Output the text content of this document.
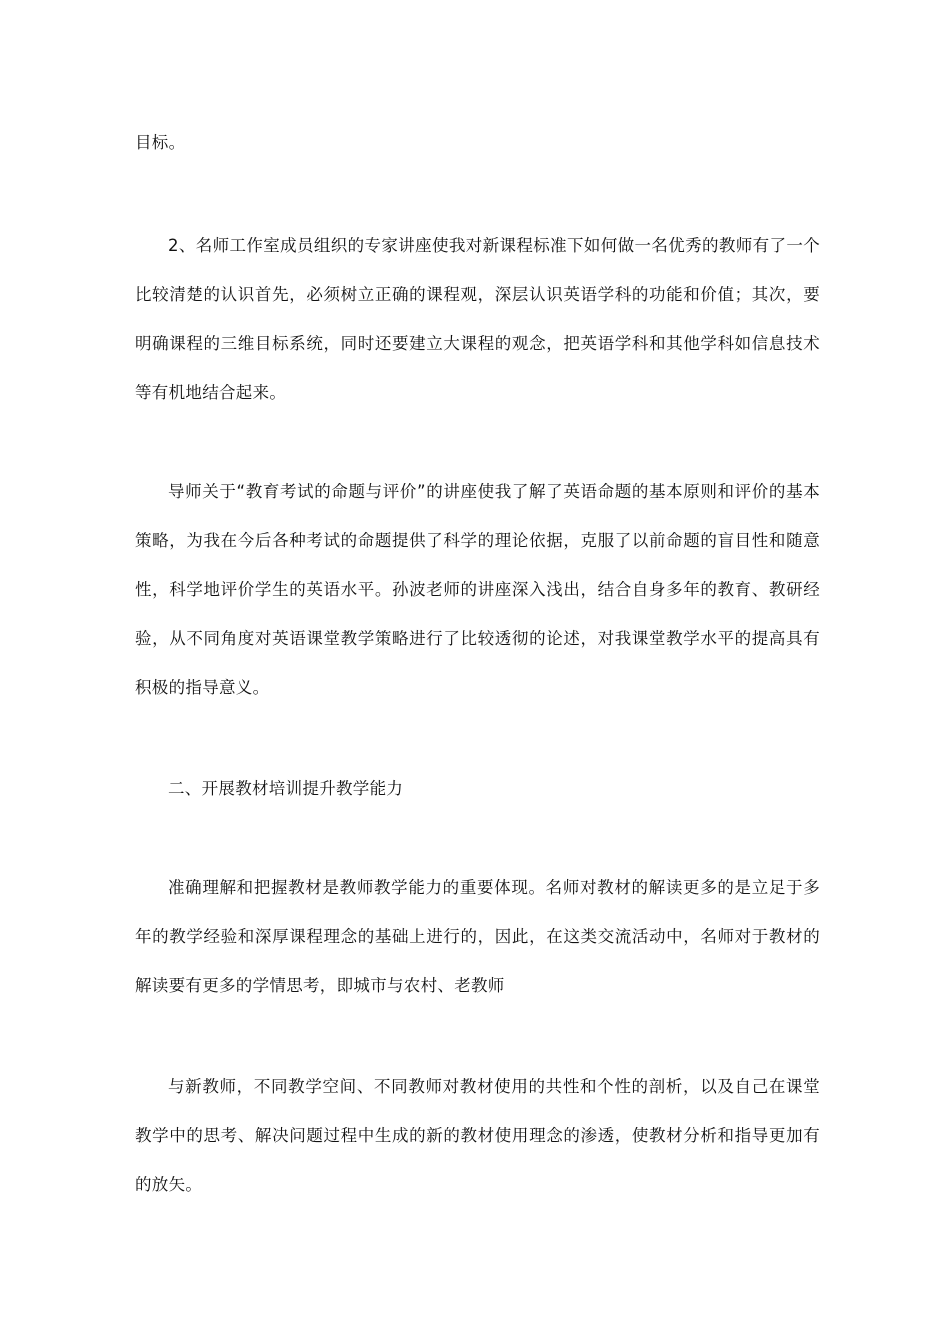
目标。

2、名师工作室成员组织的专家讲座使我对新课程标准下如何做一名优秀的教师有了一个比较清楚的认识首先，必须树立正确的课程观，深层认识英语学科的功能和价值；其次，要明确课程的三维目标系统，同时还要建立大课程的观念，把英语学科和其他学科如信息技术等有机地结合起来。

导师关于“教育考试的命题与评价”的讲座使我了解了英语命题的基本原则和评价的基本策略，为我在今后各种考试的命题提供了科学的理论依据，克服了以前命题的盲目性和随意性，科学地评价学生的英语水平。孙波老师的讲座深入浅出，结合自身多年的教育、教研经验，从不同角度对英语课堂教学策略进行了比较透彻的论述，对我课堂教学水平的提高具有积极的指导意义。

二、开展教材培训提升教学能力

准确理解和把握教材是教师教学能力的重要体现。名师对教材的解读更多的是立足于多年的教学经验和深厚课程理念的基础上进行的，因此，在这类交流活动中，名师对于教材的解读要有更多的学情思考，即城市与农村、老教师

与新教师，不同教学空间、不同教师对教材使用的共性和个性的剖析，以及自己在课堂教学中的思考、解决问题过程中生成的新的教材使用理念的渗透，使教材分析和指导更加有的放矢。
